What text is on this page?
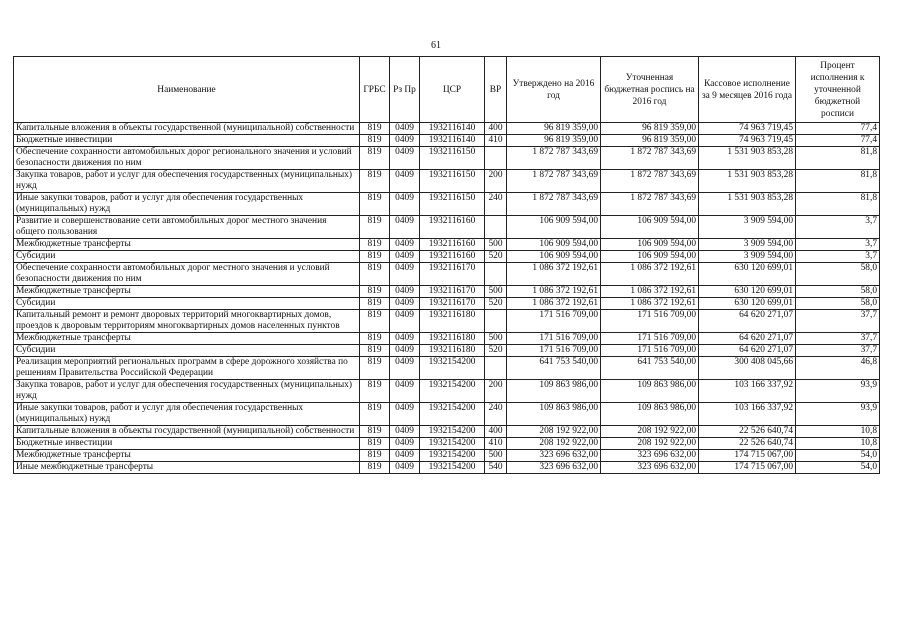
61
Наименование	ГРБС	Рз Пр	ЦСР	ВР	Утверждено на 2016 год	Уточненная бюджетная роспись на 2016 год	Кассовое исполнение за 9 месяцев 2016 года	Процент исполнения к уточненной бюджетной росписи
Капитальные вложения в объекты государственной (муниципальной) собственности	819	0409	1932116140	400	96 819 359,00	96 819 359,00	74 963 719,45	77,4
Бюджетные инвестиции	819	0409	1932116140	410	96 819 359,00	96 819 359,00	74 963 719,45	77,4
Обеспечение сохранности автомобильных дорог регионального значения и условий безопасности движения по ним	819	0409	1932116150		1 872 787 343,69	1 872 787 343,69	1 531 903 853,28	81,8
Закупка товаров, работ и услуг для обеспечения государственных (муниципальных) нужд	819	0409	1932116150	200	1 872 787 343,69	1 872 787 343,69	1 531 903 853,28	81,8
Иные закупки товаров, работ и услуг для обеспечения государственных (муниципальных) нужд	819	0409	1932116150	240	1 872 787 343,69	1 872 787 343,69	1 531 903 853,28	81,8
Развитие и совершенствование сети автомобильных дорог местного значения общего пользования	819	0409	1932116160		106 909 594,00	106 909 594,00	3 909 594,00	3,7
Межбюджетные трансферты	819	0409	1932116160	500	106 909 594,00	106 909 594,00	3 909 594,00	3,7
Субсидии	819	0409	1932116160	520	106 909 594,00	106 909 594,00	3 909 594,00	3,7
Обеспечение сохранности автомобильных дорог местного значения и условий безопасности движения по ним	819	0409	1932116170		1 086 372 192,61	1 086 372 192,61	630 120 699,01	58,0
Межбюджетные трансферты	819	0409	1932116170	500	1 086 372 192,61	1 086 372 192,61	630 120 699,01	58,0
Субсидии	819	0409	1932116170	520	1 086 372 192,61	1 086 372 192,61	630 120 699,01	58,0
Капитальный ремонт и ремонт дворовых территорий многоквартирных домов, проездов к дворовым территориям многоквартирных домов населенных пунктов	819	0409	1932116180		171 516 709,00	171 516 709,00	64 620 271,07	37,7
Межбюджетные трансферты	819	0409	1932116180	500	171 516 709,00	171 516 709,00	64 620 271,07	37,7
Субсидии	819	0409	1932116180	520	171 516 709,00	171 516 709,00	64 620 271,07	37,7
Реализация мероприятий региональных программ в сфере дорожного хозяйства по решениям Правительства Российской Федерации	819	0409	1932154200		641 753 540,00	641 753 540,00	300 408 045,66	46,8
Закупка товаров, работ и услуг для обеспечения государственных (муниципальных) нужд	819	0409	1932154200	200	109 863 986,00	109 863 986,00	103 166 337,92	93,9
Иные закупки товаров, работ и услуг для обеспечения государственных (муниципальных) нужд	819	0409	1932154200	240	109 863 986,00	109 863 986,00	103 166 337,92	93,9
Капитальные вложения в объекты государственной (муниципальной) собственности	819	0409	1932154200	400	208 192 922,00	208 192 922,00	22 526 640,74	10,8
Бюджетные инвестиции	819	0409	1932154200	410	208 192 922,00	208 192 922,00	22 526 640,74	10,8
Межбюджетные трансферты	819	0409	1932154200	500	323 696 632,00	323 696 632,00	174 715 067,00	54,0
Иные межбюджетные трансферты	819	0409	1932154200	540	323 696 632,00	323 696 632,00	174 715 067,00	54,0
